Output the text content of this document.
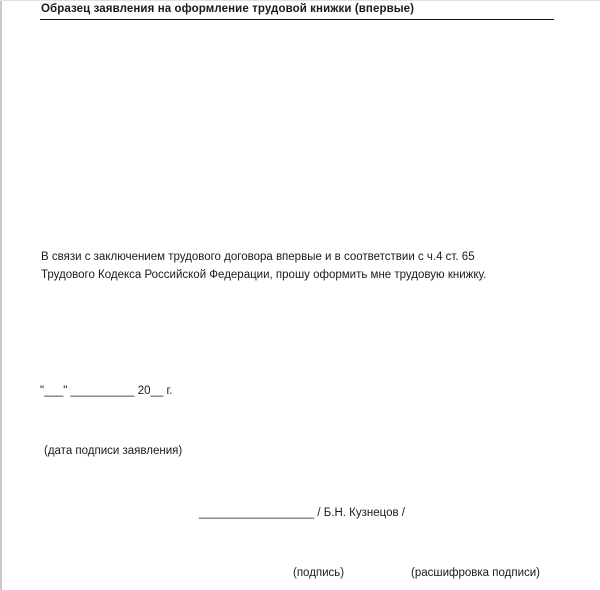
Образец заявления на оформление трудовой книжки (впервые)
В связи с заключением трудового договора впервые и в соответствии с ч.4 ст. 65
Трудового Кодекса Российской Федерации, прошу оформить мне трудовую книжку.
"___" __________ 20__ г.
(дата подписи заявления)
__________________ / Б.Н. Кузнецов /
(подпись)	(расшифровка подписи)
